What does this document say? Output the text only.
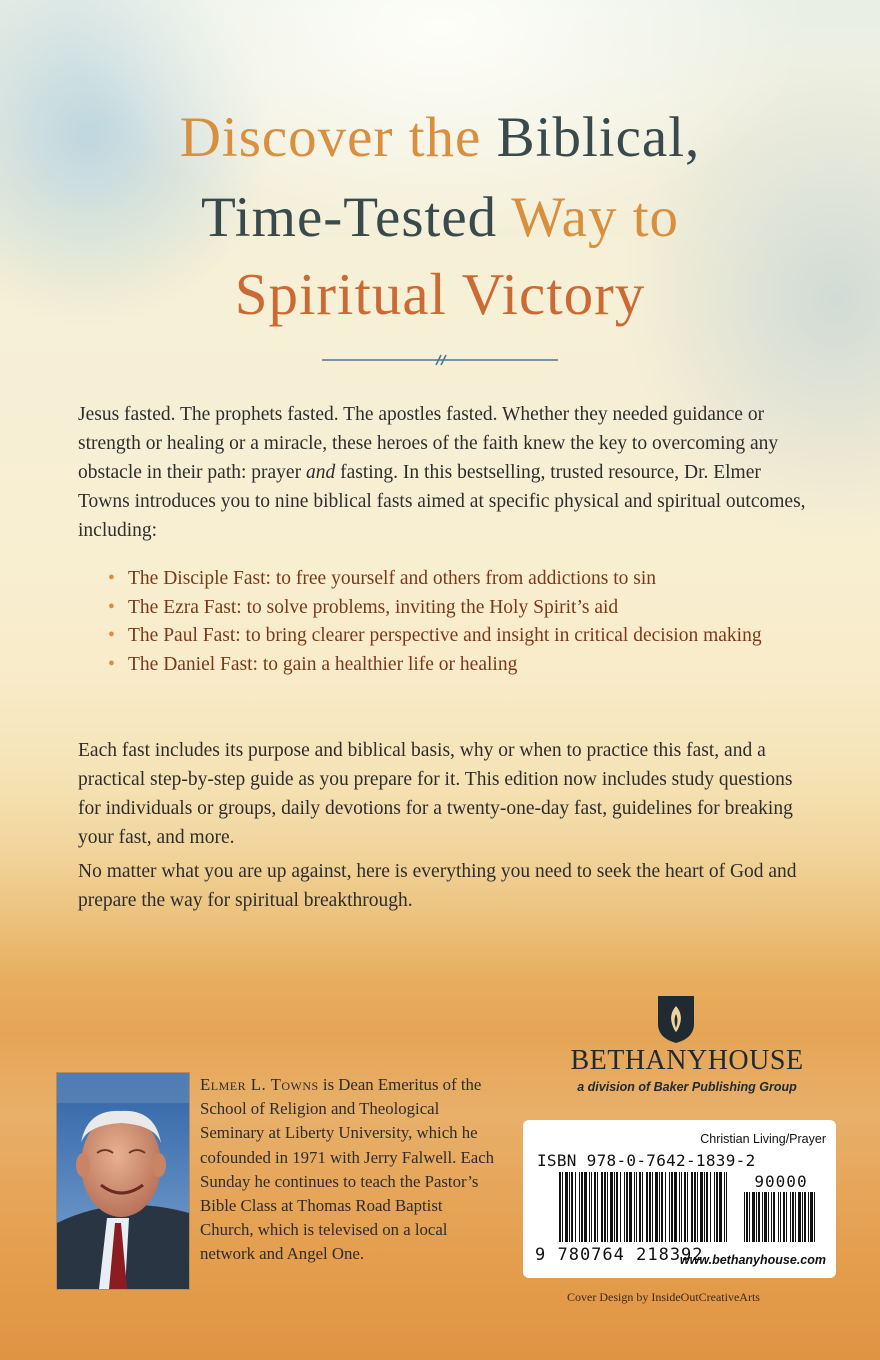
Discover the Biblical,
Time-Tested Way to
Spiritual Victory

Jesus fasted. The prophets fasted. The apostles fasted. Whether they needed guidance or strength or healing or a miracle, these heroes of the faith knew the key to overcoming any obstacle in their path: prayer and fasting. In this bestselling, trusted resource, Dr. Elmer Towns introduces you to nine biblical fasts aimed at specific physical and spiritual outcomes, including:

• The Disciple Fast: to free yourself and others from addictions to sin
• The Ezra Fast: to solve problems, inviting the Holy Spirit’s aid
• The Paul Fast: to bring clearer perspective and insight in critical decision making
• The Daniel Fast: to gain a healthier life or healing

Each fast includes its purpose and biblical basis, why or when to practice this fast, and a practical step-by-step guide as you prepare for it. This edition now includes study questions for individuals or groups, daily devotions for a twenty-one-day fast, guidelines for breaking your fast, and more.

No matter what you are up against, here is everything you need to seek the heart of God and prepare the way for spiritual breakthrough.

BETHANYHOUSE
a division of Baker Publishing Group

Elmer L. Towns is Dean Emeritus of the School of Religion and Theological Seminary at Liberty University, which he cofounded in 1971 with Jerry Falwell. Each Sunday he continues to teach the Pastor’s Bible Class at Thomas Road Baptist Church, which is televised on a local network and Angel One.

Christian Living/Prayer
ISBN 978-0-7642-1839-2
90000
9 780764 218392
www.bethanyhouse.com
Cover Design by InsideOutCreativeArts
